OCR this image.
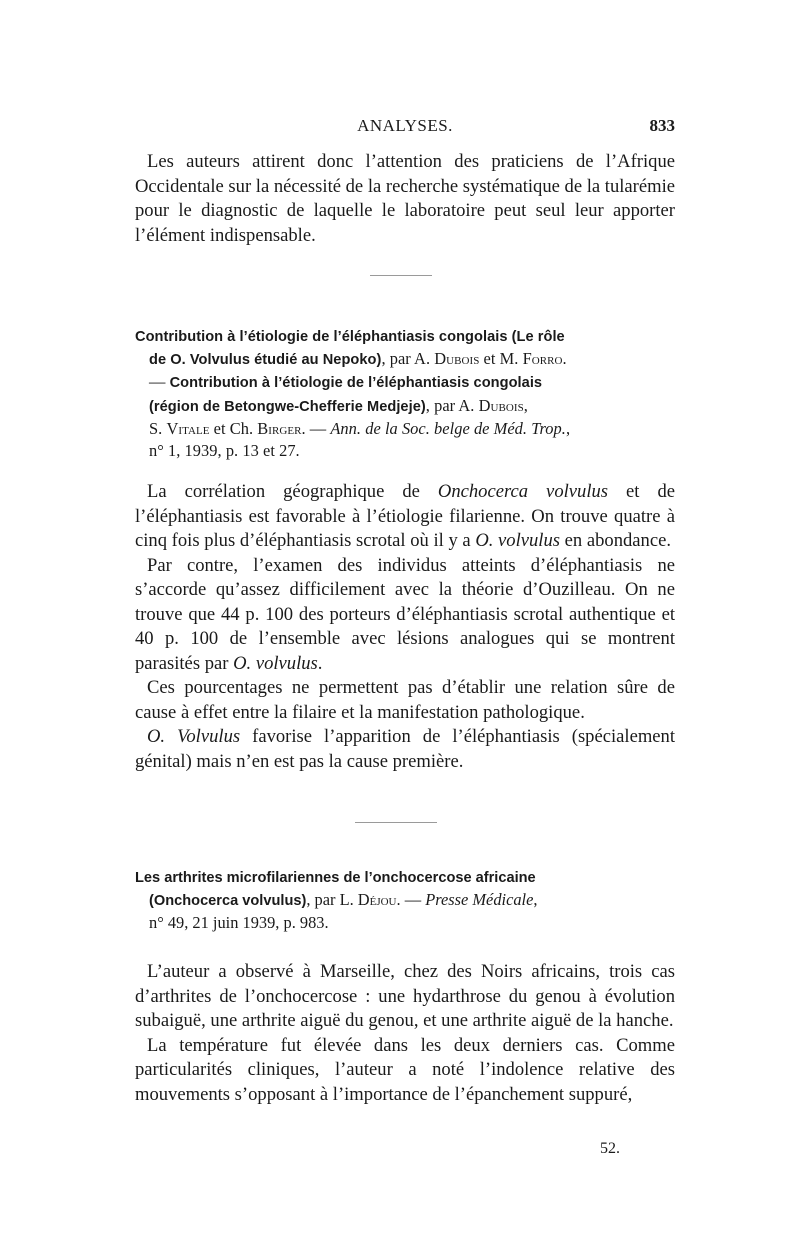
ANALYSES.	833

Les auteurs attirent donc l’attention des praticiens de l’Afrique Occidentale sur la nécessité de la recherche systématique de la tularémie pour le diagnostic de laquelle le laboratoire peut seul leur apporter l’élément indispensable.

Contribution à l’étiologie de l’éléphantiasis congolais (Le rôle

de O. Volvulus étudié au Nepoko), par A. Dubois et M. Forro.

— Contribution à l’étiologie de l’éléphantiasis congolais

(région de Betongwe-Chefferie Medjeje), par A. Dubois,

S. Vitale et Ch. Birger. — Ann. de la Soc. belge de Méd. Trop.,

n° 1, 1939, p. 13 et 27.

La corrélation géographique de Onchocerca volvulus et de l’éléphantiasis est favorable à l’étiologie filarienne. On trouve quatre à cinq fois plus d’éléphantiasis scrotal où il y a O. volvulus en abondance.

Par contre, l’examen des individus atteints d’éléphantiasis ne s’accorde qu’assez difficilement avec la théorie d’Ouzilleau. On ne trouve que 44 p. 100 des porteurs d’éléphantiasis scrotal authentique et 40 p. 100 de l’ensemble avec lésions analogues qui se montrent parasités par O. volvulus.

Ces pourcentages ne permettent pas d’établir une relation sûre de cause à effet entre la filaire et la manifestation pathologique.

O. Volvulus favorise l’apparition de l’éléphantiasis (spécialement génital) mais n’en est pas la cause première.

Les arthrites microfilariennes de l’onchocercose africaine

(Onchocerca volvulus), par L. Déjou. — Presse Médicale,

n° 49, 21 juin 1939, p. 983.

L’auteur a observé à Marseille, chez des Noirs africains, trois cas d’arthrites de l’onchocercose : une hydarthrose du genou à évolution subaiguë, une arthrite aiguë du genou, et une arthrite aiguë de la hanche.

La température fut élevée dans les deux derniers cas. Comme particularités cliniques, l’auteur a noté l’indolence relative des mouvements s’opposant à l’importance de l’épanchement suppuré,

52.
